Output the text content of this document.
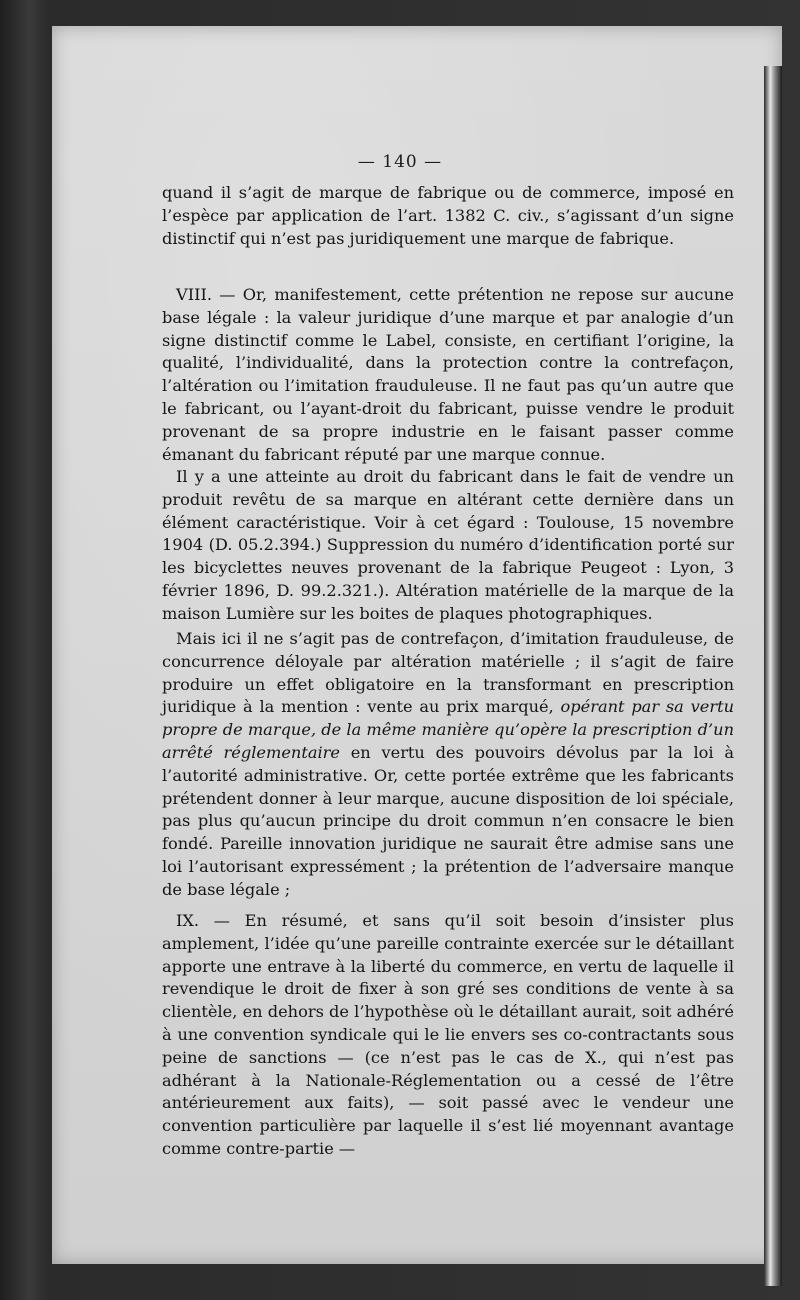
— 140 —

quand il s’agit de marque de fabrique ou de commerce, imposé en l’espèce par application de l’art. 1382 C. civ., s’agissant d’un signe distinctif qui n’est pas juridiquement une marque de fabrique.

VIII. — Or, manifestement, cette prétention ne repose sur aucune base légale : la valeur juridique d’une marque et par analogie d’un signe distinctif comme le Label, consiste, en certifiant l’origine, la qualité, l’individualité, dans la protection contre la contrefaçon, l’altération ou l’imitation frauduleuse. Il ne faut pas qu’un autre que le fabricant, ou l’ayant-droit du fabricant, puisse vendre le produit provenant de sa propre industrie en le faisant passer comme émanant du fabricant réputé par une marque connue.

Il y a une atteinte au droit du fabricant dans le fait de vendre un produit revêtu de sa marque en altérant cette dernière dans un élément caractéristique. Voir à cet égard : Toulouse, 15 novembre 1904 (D. 05.2.394.) Suppression du numéro d’identification porté sur les bicyclettes neuves provenant de la fabrique Peugeot : Lyon, 3 février 1896, D. 99.2.321.). Altération matérielle de la marque de la maison Lumière sur les boites de plaques photographiques.

Mais ici il ne s’agit pas de contrefaçon, d’imitation frauduleuse, de concurrence déloyale par altération matérielle ; il s’agit de faire produire un effet obligatoire en la transformant en prescription juridique à la mention : vente au prix marqué, opérant par sa vertu propre de marque, de la même manière qu’opère la prescription d’un arrêté réglementaire en vertu des pouvoirs dévolus par la loi à l’autorité administrative. Or, cette portée extrême que les fabricants prétendent donner à leur marque, aucune disposition de loi spéciale, pas plus qu’aucun principe du droit commun n’en consacre le bien fondé. Pareille innovation juridique ne saurait être admise sans une loi l’autorisant expressément ; la prétention de l’adversaire manque de base légale ;

IX. — En résumé, et sans qu’il soit besoin d’insister plus amplement, l’idée qu’une pareille contrainte exercée sur le détaillant apporte une entrave à la liberté du commerce, en vertu de laquelle il revendique le droit de fixer à son gré ses conditions de vente à sa clientèle, en dehors de l’hypothèse où le détaillant aurait, soit adhéré à une convention syndicale qui le lie envers ses co-contractants sous peine de sanctions — (ce n’est pas le cas de X., qui n’est pas adhérant à la Nationale-Réglementation ou a cessé de l’être antérieurement aux faits), — soit passé avec le vendeur une convention particulière par laquelle il s’est lié moyennant avantage comme contre-partie —
